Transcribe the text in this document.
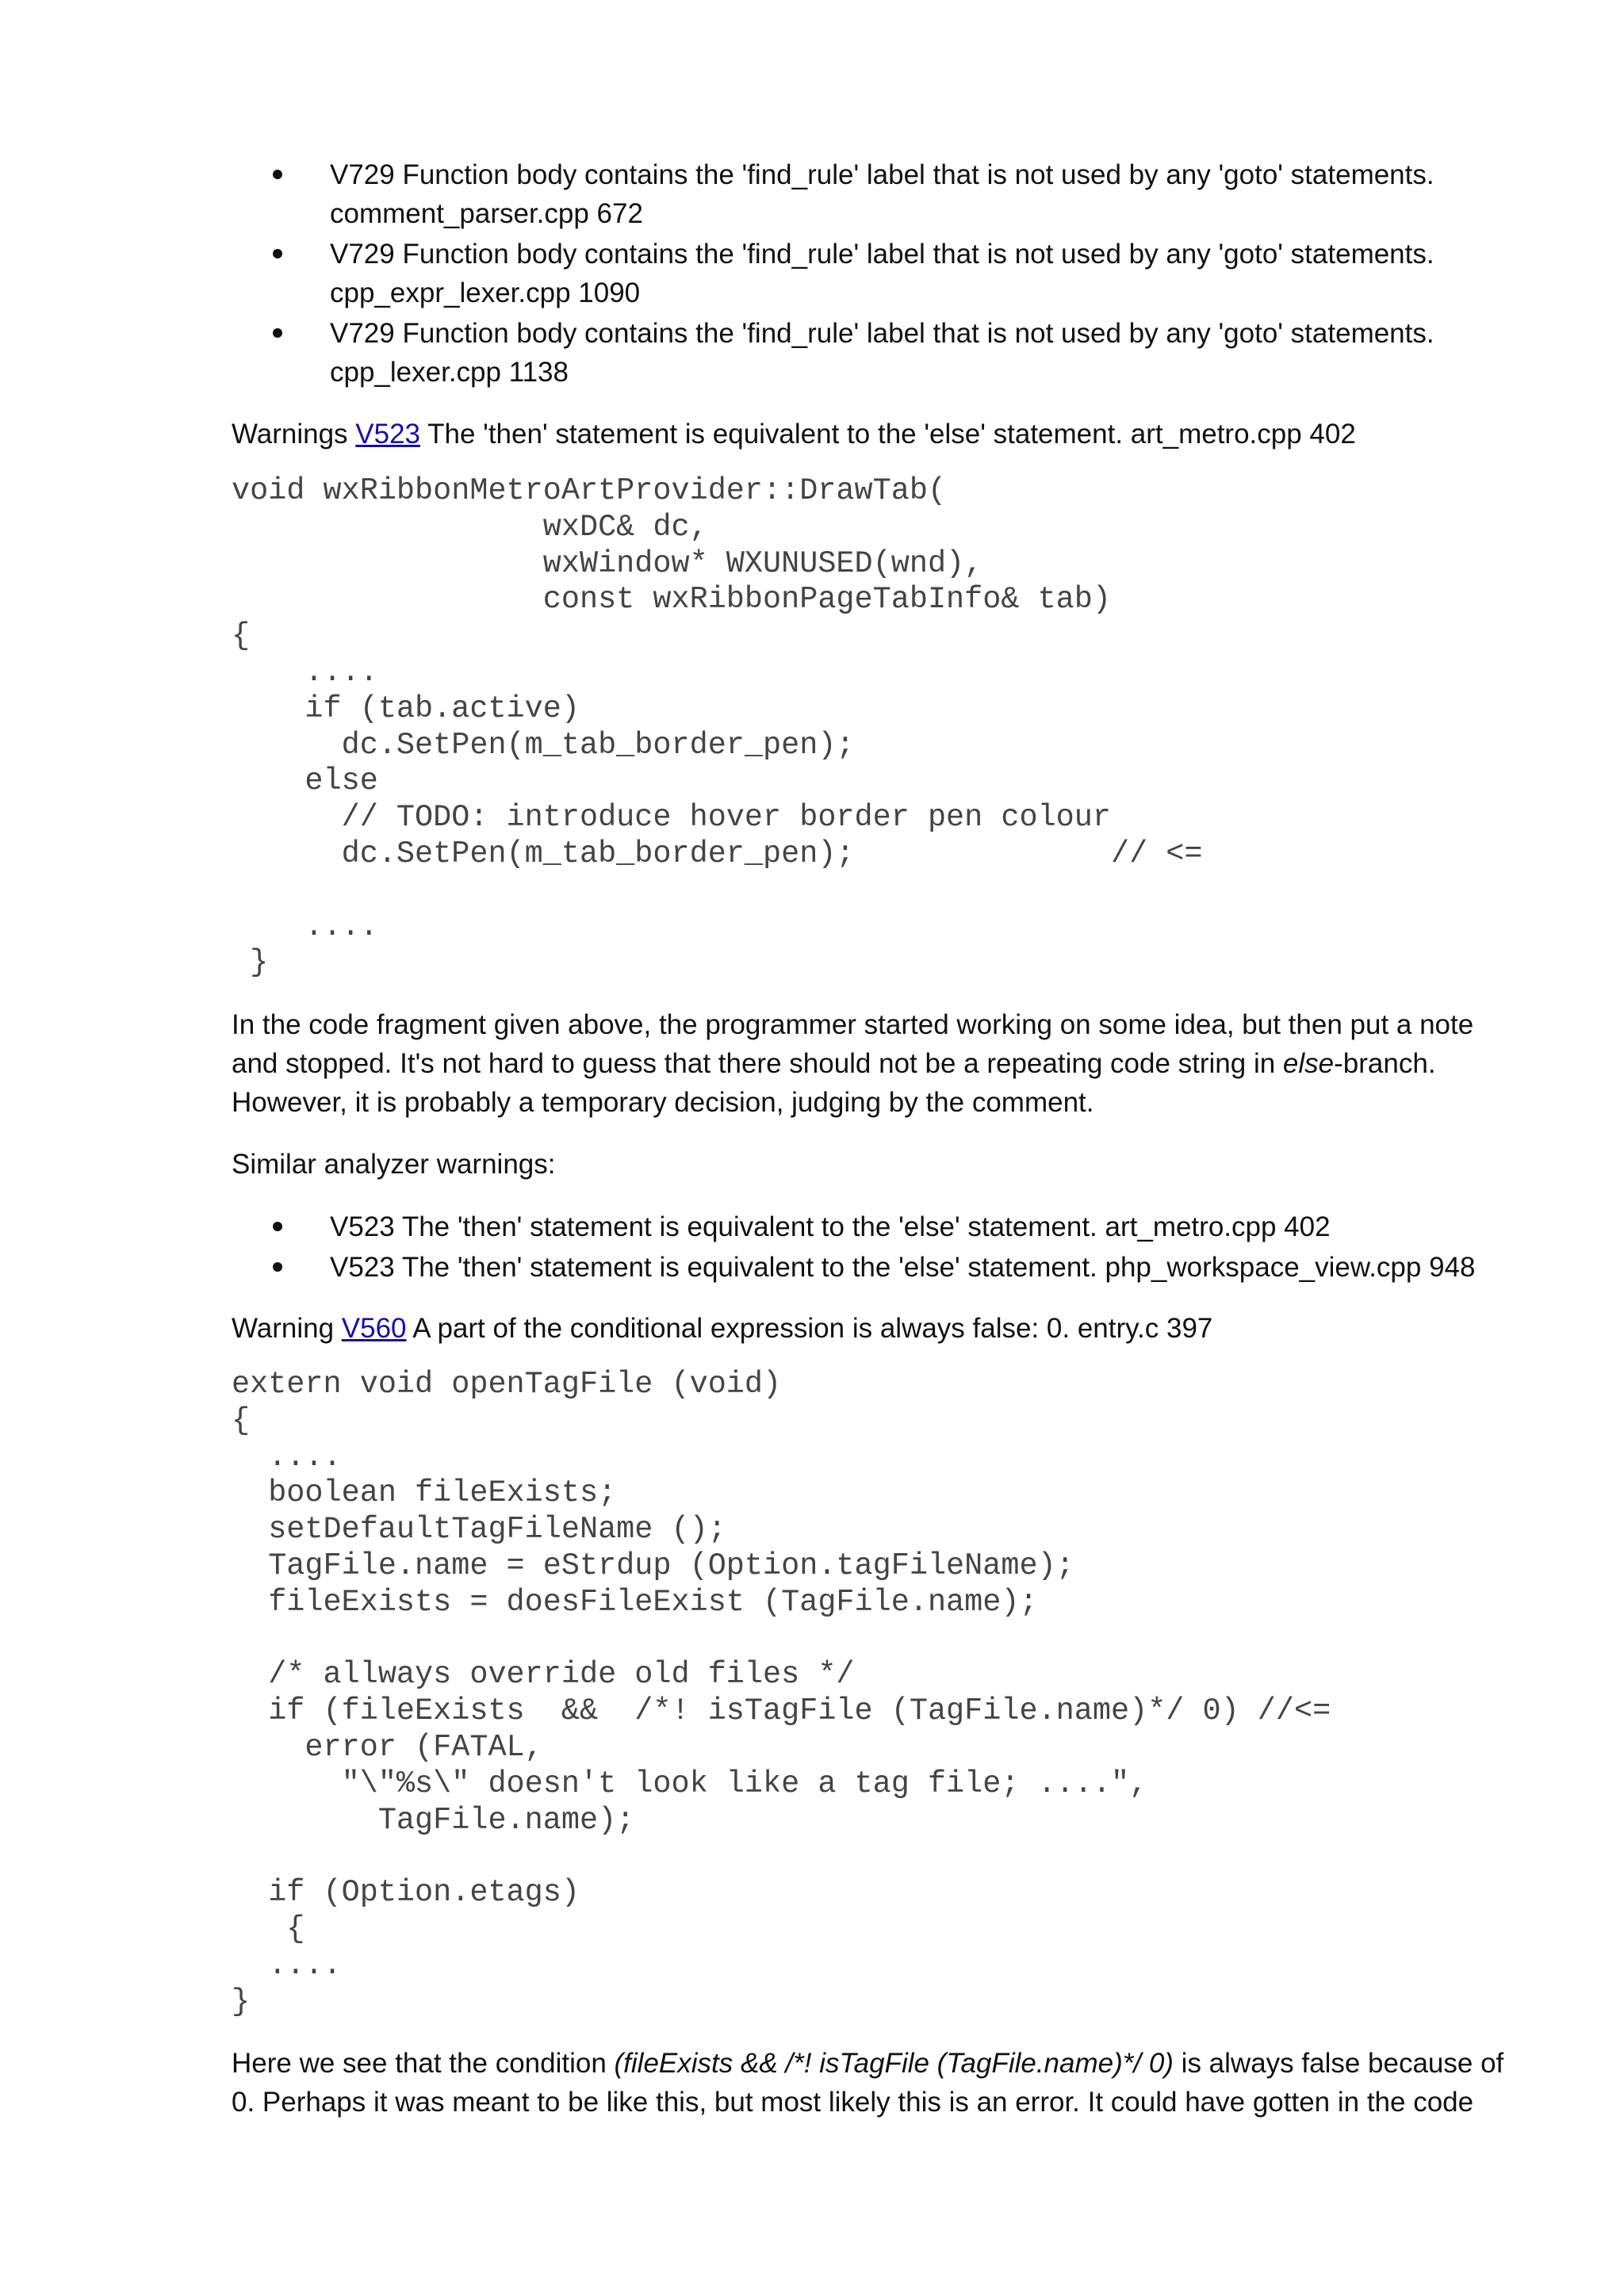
V729 Function body contains the 'find_rule' label that is not used by any 'goto' statements.
comment_parser.cpp 672
V729 Function body contains the 'find_rule' label that is not used by any 'goto' statements.
cpp_expr_lexer.cpp 1090
V729 Function body contains the 'find_rule' label that is not used by any 'goto' statements.
cpp_lexer.cpp 1138

Warnings V523 The 'then' statement is equivalent to the 'else' statement. art_metro.cpp 402

void wxRibbonMetroArtProvider::DrawTab(
wxDC& dc,
wxWindow* WXUNUSED(wnd),
const wxRibbonPageTabInfo& tab)
{
....
if (tab.active)
dc.SetPen(m_tab_border_pen);
else
// TODO: introduce hover border pen colour
dc.SetPen(m_tab_border_pen);              // <=

....
}

In the code fragment given above, the programmer started working on some idea, but then put a note and stopped. It's not hard to guess that there should not be a repeating code string in else-branch. However, it is probably a temporary decision, judging by the comment.

Similar analyzer warnings:

V523 The 'then' statement is equivalent to the 'else' statement. art_metro.cpp 402
V523 The 'then' statement is equivalent to the 'else' statement. php_workspace_view.cpp 948

Warning V560 A part of the conditional expression is always false: 0. entry.c 397

extern void openTagFile (void)
{
....
boolean fileExists;
setDefaultTagFileName ();
TagFile.name = eStrdup (Option.tagFileName);
fileExists = doesFileExist (TagFile.name);

/* allways override old files */
if (fileExists  &&  /*! isTagFile (TagFile.name)*/ 0) //<=
error (FATAL,
"\"%s\" doesn't look like a tag file; ....",
TagFile.name);

if (Option.etags)
{
....
}

Here we see that the condition (fileExists && /*! isTagFile (TagFile.name)*/ 0) is always false because of 0. Perhaps it was meant to be like this, but most likely this is an error. It could have gotten in the code
